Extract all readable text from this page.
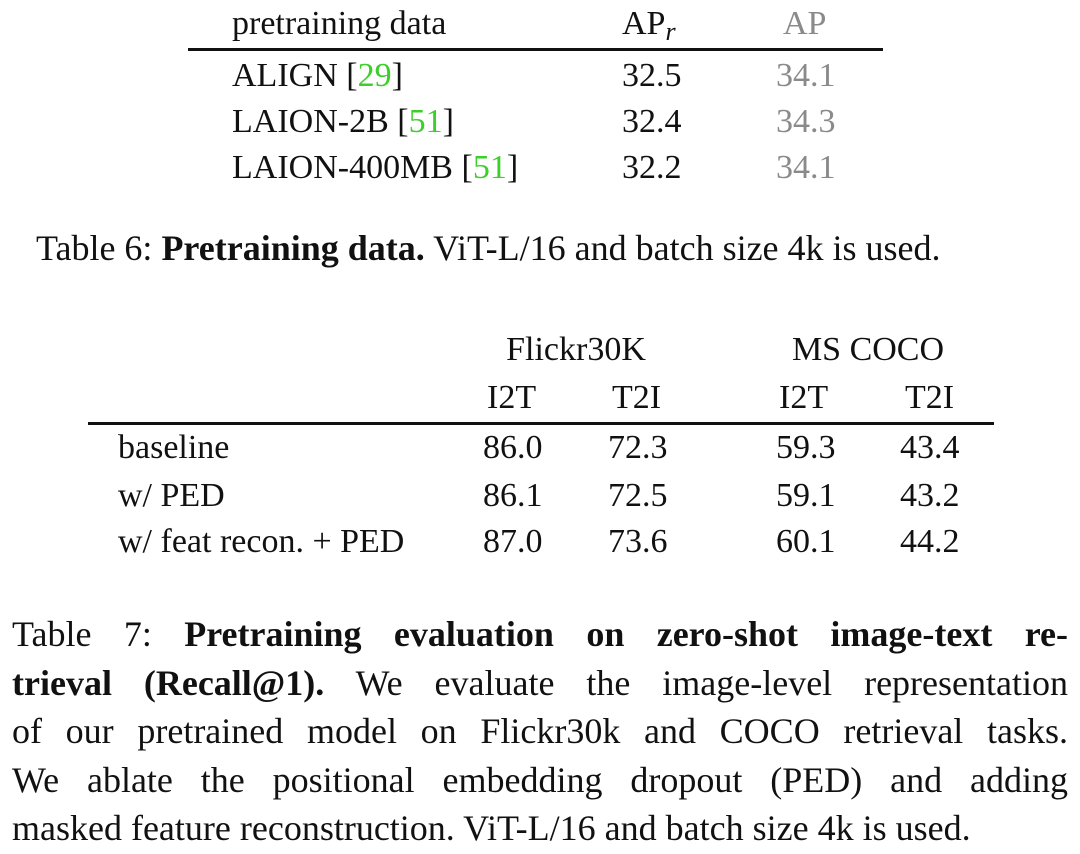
pretraining data	$AP_r$	AP
ALIGN [29]	32.5	34.1
LAION-2B [51]	32.4	34.3
LAION-400MB [51]	32.2	34.1
Table 6: Pretraining data. ViT-L/16 and batch size 4k is used.
Flickr30K	MS COCO
I2T T2I	I2T T2I
baseline	86.0 72.3	59.3 43.4
w/ PED	86.1 72.5	59.1 43.2
w/ feat recon. + PED 87.0 73.6	60.1 44.2
Table 7: Pretraining evaluation on zero-shot image-text re-
trieval (Recall@1). We evaluate the image-level representation
of our pretrained model on Flickr30k and COCO retrieval tasks.
We ablate the positional embedding dropout (PED) and adding
masked feature reconstruction. ViT-L/16 and batch size 4k is used.
